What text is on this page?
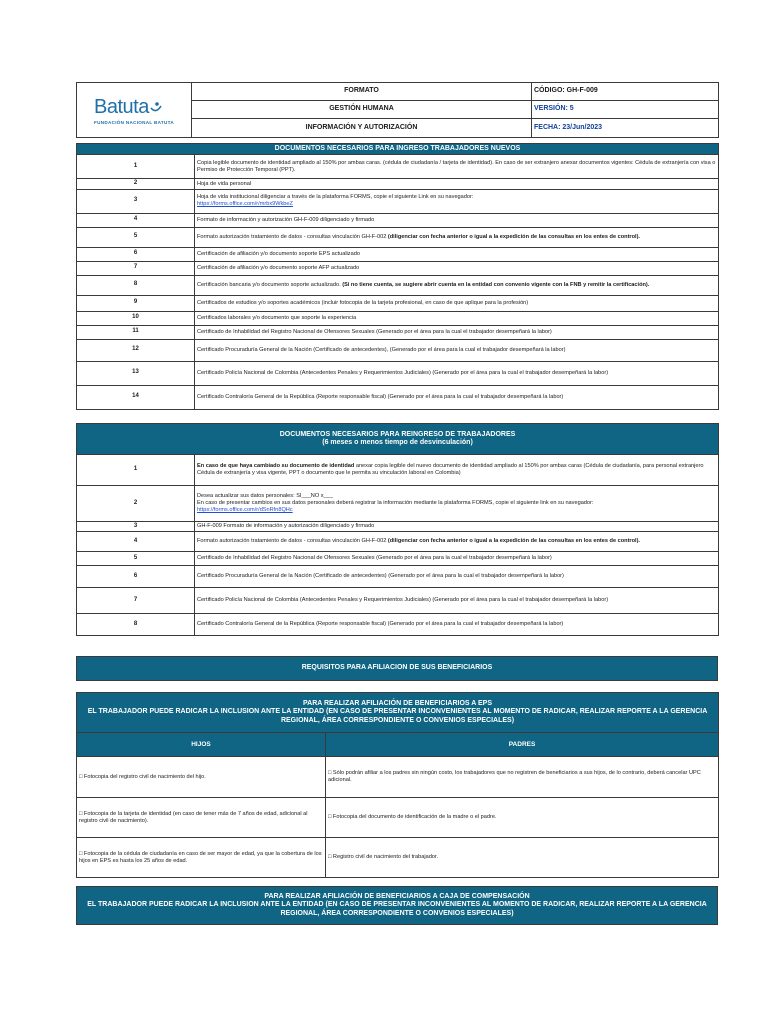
Batuta
FUNDACIÓN NACIONAL BATUTA	FORMATO	CÓDIGO: GH-F-009
	GESTIÓN HUMANA	VERSIÓN: 5
	INFORMACIÓN Y AUTORIZACIÓN	FECHA: 23/Jun/2023
DOCUMENTOS NECESARIOS PARA INGRESO TRABAJADORES NUEVOS	
1	Copia legible documento de identidad ampliado al 150% por ambas caras. (cédula de ciudadanía / tarjeta de identidad). En caso de ser extranjero anexar documentos vigentes: Cédula de extranjería con visa o Permiso de Protección Temporal (PPT).
2	Hoja de vida personal
3	Hoja de vida institucional diligenciar a través de la plataforma FORMS, copie el siguiente Link en su navegador:
https://forms.office.com/r/mrbx9WkbeZ
4	Formato de información y autorización GH-F-009 diligenciado y firmado
5	Formato autorización tratamiento de datos - consultas vinculación GH-F-002 (diligenciar con fecha anterior o igual a la expedición de las consultas en los entes de control).
6	Certificación de afiliación y/o documento soporte EPS actualizado
7	Certificación de afiliación y/o documento soporte AFP actualizado
8	Certificación bancaria y/o documento soporte actualizado. (Si no tiene cuenta, se sugiere abrir cuenta en la entidad con convenio vigente con la FNB y remitir la certificación).
9	Certificados de estudios y/o soportes académicos (incluir fotocopia de la tarjeta profesional, en caso de que aplique para la profesión)
10	Certificados laborales y/o documento que soporte la experiencia
11	Certificado de Inhabilidad del Registro Nacional de Ofensores Sexuales (Generado por el área para la cual el trabajador desempeñará la labor)
12	Certificado Procuraduría General de la Nación (Certificado de antecedentes), (Generado por el área para la cual el trabajador desempeñará la labor)
13	Certificado Policía Nacional de Colombia (Antecedentes Penales y Requerimientos Judiciales) (Generado por el área para la cual el trabajador desempeñará la labor)
14	Certificado Contraloría General de la República (Reporte responsable fiscal) (Generado por el área para la cual el trabajador desempeñará la labor)
DOCUMENTOS NECESARIOS PARA REINGRESO DE TRABAJADORES
(6 meses o menos tiempo de desvinculación)	

1	En caso de que haya cambiado su documento de identidad anexar copia legible del nuevo documento de identidad ampliado al 150% por ambas caras (Cédula de ciudadanía, para personal extranjero Cédula de extranjería y visa vigente, PPT o documento que le permita su vinculación laboral en Colombia)
2	Desea actualizar sus datos personales: SI___NO x___
En caso de presentar cambios en sus datos personales deberá registrar la información mediante la plataforma FORMS, copie el siguiente link en su navegador:
https://forms.office.com/r/dSnRfn8QHc
3	GH-F-009 Formato de información y autorización diligenciado y firmado
4	Formato autorización tratamiento de datos - consultas vinculación GH-F-002 (diligenciar con fecha anterior o igual a la expedición de las consultas en los entes de control).
5	Certificado de Inhabilidad del Registro Nacional de Ofensores Sexuales (Generado por el área para la cual el trabajador desempeñará la labor)
6	Certificado Procuraduría General de la Nación (Certificado de antecedentes) (Generado por el área para la cual el trabajador desempeñará la labor)
7	Certificado Policía Nacional de Colombia (Antecedentes Penales y Requerimientos Judiciales) (Generado por el área para la cual el trabajador desempeñará la labor)
8	Certificado Contraloría General de la República (Reporte responsable fiscal) (Generado por el área para la cual el trabajador desempeñará la labor)
REQUISITOS PARA AFILIACION DE SUS BENEFICIARIOS
PARA REALIZAR AFILIACIÓN DE BENEFICIARIOS A EPS
EL TRABAJADOR PUEDE RADICAR LA INCLUSION ANTE LA ENTIDAD (EN CASO DE PRESENTAR INCONVENIENTES AL MOMENTO DE RADICAR, REALIZAR REPORTE A LA GERENCIA REGIONAL, ÁREA CORRESPONDIENTE O CONVENIOS ESPECIALES)	

HIJOS	PADRES
□ Fotocopia del registro civil de nacimiento del hijo.	□ Sólo podrán afiliar a los padres sin ningún costo, los trabajadores que no registren de beneficiarios a sus hijos, de lo contrario, deberá cancelar UPC adicional.
□ Fotocopia de la tarjeta de identidad (en caso de tener más de 7 años de edad, adicional al registro civil de nacimiento).	□ Fotocopia del documento de identificación de la madre o el padre.
□ Fotocopia de la cédula de ciudadanía en caso de ser mayor de edad, ya que la cobertura de los hijos en EPS es hasta los 25 años de edad.	□ Registro civil de nacimiento del trabajador.
PARA REALIZAR AFILIACIÓN DE BENEFICIARIOS A CAJA DE COMPENSACIÓN
EL TRABAJADOR PUEDE RADICAR LA INCLUSION ANTE LA ENTIDAD (EN CASO DE PRESENTAR INCONVENIENTES AL MOMENTO DE RADICAR, REALIZAR REPORTE A LA GERENCIA REGIONAL, ÁREA CORRESPONDIENTE O CONVENIOS ESPECIALES)
